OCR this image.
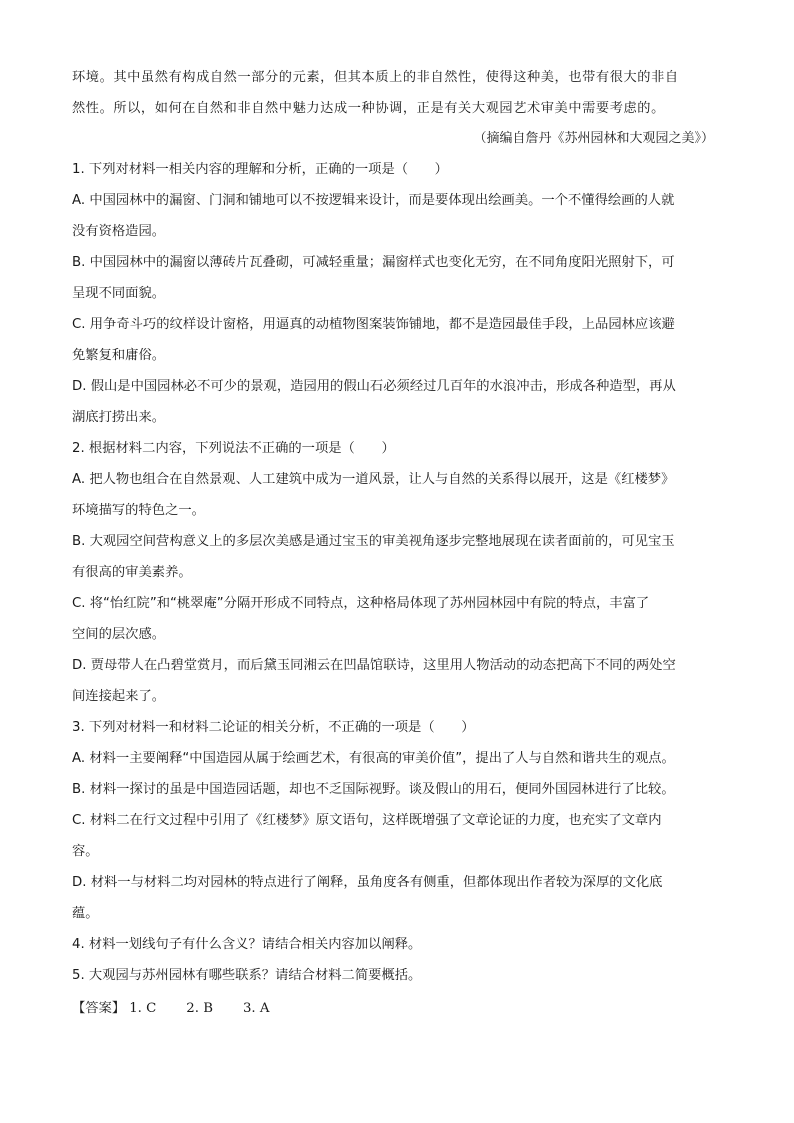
环境。其中虽然有构成自然一部分的元素，但其本质上的非自然性，使得这种美，也带有很大的非自

然性。所以，如何在自然和非自然中魅力达成一种协调，正是有关大观园艺术审美中需要考虑的。

（摘编自詹丹《苏州园林和大观园之美》）

1. 下列对材料一相关内容的理解和分析，正确的一项是（　　）

A. 中国园林中的漏窗、门洞和铺地可以不按逻辑来设计，而是要体现出绘画美。一个不懂得绘画的人就

没有资格造园。

B. 中国园林中的漏窗以薄砖片瓦叠砌，可减轻重量；漏窗样式也变化无穷，在不同角度阳光照射下，可

呈现不同面貌。

C. 用争奇斗巧的纹样设计窗格，用逼真的动植物图案装饰铺地，都不是造园最佳手段，上品园林应该避

免繁复和庸俗。

D. 假山是中国园林必不可少的景观，造园用的假山石必须经过几百年的水浪冲击，形成各种造型，再从

湖底打捞出来。

2. 根据材料二内容，下列说法不正确的一项是（　　）

A. 把人物也组合在自然景观、人工建筑中成为一道风景，让人与自然的关系得以展开，这是《红楼梦》

环境描写的特色之一。

B. 大观园空间营构意义上的多层次美感是通过宝玉的审美视角逐步完整地展现在读者面前的，可见宝玉

有很高的审美素养。

C. 将“怡红院”和“桃翠庵”分隔开形成不同特点，这种格局体现了苏州园林园中有院的特点，丰富了

空间的层次感。

D. 贾母带人在凸碧堂赏月，而后黛玉同湘云在凹晶馆联诗，这里用人物活动的动态把高下不同的两处空

间连接起来了。

3. 下列对材料一和材料二论证的相关分析，不正确的一项是（　　）

A. 材料一主要阐释“中国造园从属于绘画艺术，有很高的审美价值”，提出了人与自然和谐共生的观点。

B. 材料一探讨的虽是中国造园话题，却也不乏国际视野。谈及假山的用石，便同外国园林进行了比较。

C. 材料二在行文过程中引用了《红楼梦》原文语句，这样既增强了文章论证的力度，也充实了文章内

容。

D. 材料一与材料二均对园林的特点进行了阐释，虽角度各有侧重，但都体现出作者较为深厚的文化底

蕴。

4. 材料一划线句子有什么含义？请结合相关内容加以阐释。

5. 大观园与苏州园林有哪些联系？请结合材料二简要概括。

【答案】 1. C 2. B 3. A
